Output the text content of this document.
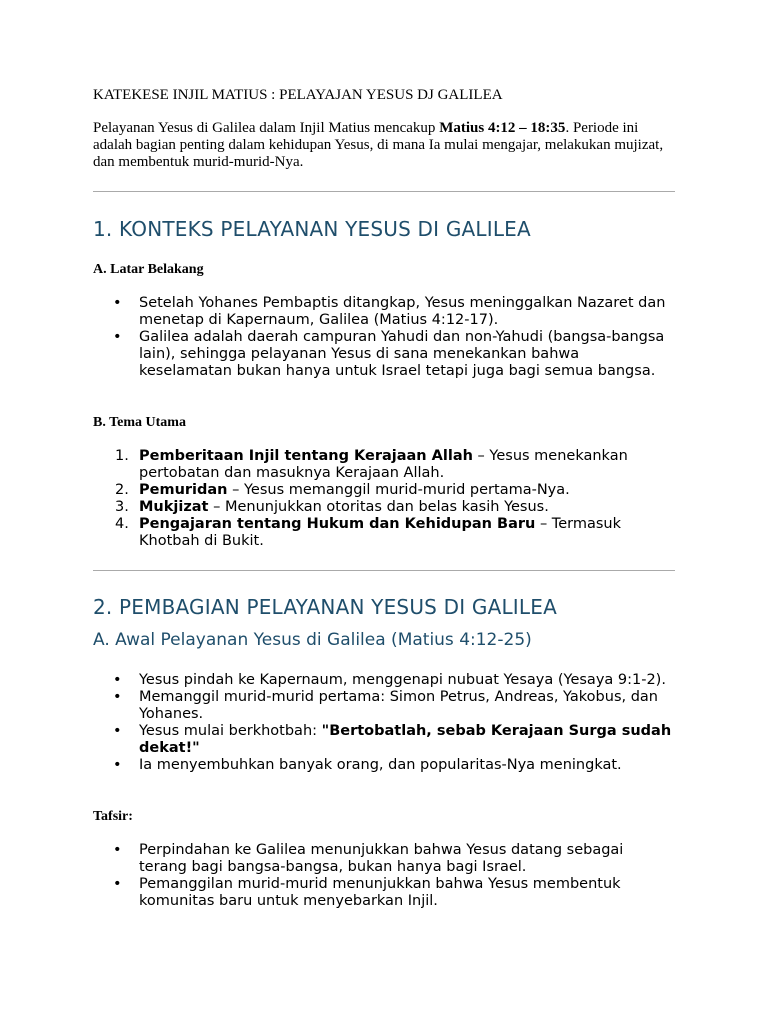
KATEKESE INJIL MATIUS : PELAYAJAN YESUS DJ GALILEA
Pelayanan Yesus di Galilea dalam Injil Matius mencakup Matius 4:12 – 18:35. Periode ini adalah bagian penting dalam kehidupan Yesus, di mana Ia mulai mengajar, melakukan mujizat, dan membentuk murid-murid-Nya.
1. KONTEKS PELAYANAN YESUS DI GALILEA
A. Latar Belakang
• Setelah Yohanes Pembaptis ditangkap, Yesus meninggalkan Nazaret dan menetap di Kapernaum, Galilea (Matius 4:12-17).
• Galilea adalah daerah campuran Yahudi dan non-Yahudi (bangsa-bangsa lain), sehingga pelayanan Yesus di sana menekankan bahwa keselamatan bukan hanya untuk Israel tetapi juga bagi semua bangsa.
B. Tema Utama
1. Pemberitaan Injil tentang Kerajaan Allah – Yesus menekankan pertobatan dan masuknya Kerajaan Allah.
2. Pemuridan – Yesus memanggil murid-murid pertama-Nya.
3. Mukjizat – Menunjukkan otoritas dan belas kasih Yesus.
4. Pengajaran tentang Hukum dan Kehidupan Baru – Termasuk Khotbah di Bukit.
2. PEMBAGIAN PELAYANAN YESUS DI GALILEA
A. Awal Pelayanan Yesus di Galilea (Matius 4:12-25)
• Yesus pindah ke Kapernaum, menggenapi nubuat Yesaya (Yesaya 9:1-2).
• Memanggil murid-murid pertama: Simon Petrus, Andreas, Yakobus, dan Yohanes.
• Yesus mulai berkhotbah: "Bertobatlah, sebab Kerajaan Surga sudah dekat!"
• Ia menyembuhkan banyak orang, dan popularitas-Nya meningkat.
Tafsir:
• Perpindahan ke Galilea menunjukkan bahwa Yesus datang sebagai terang bagi bangsa-bangsa, bukan hanya bagi Israel.
• Pemanggilan murid-murid menunjukkan bahwa Yesus membentuk komunitas baru untuk menyebarkan Injil.
